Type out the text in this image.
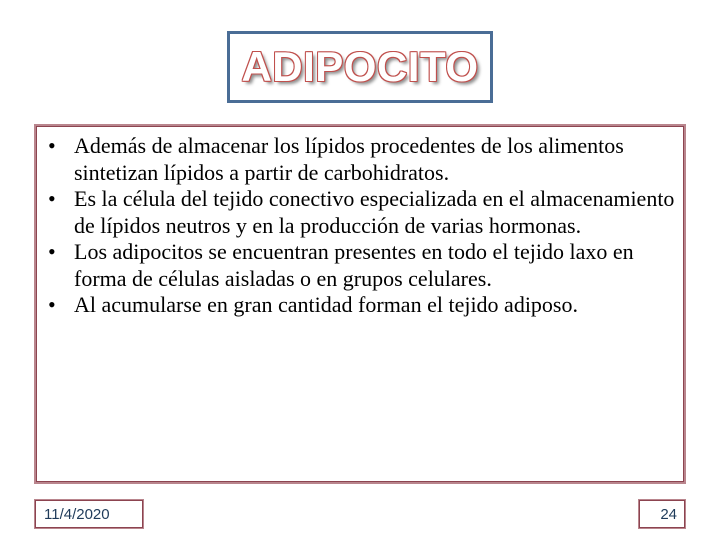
ADIPOCITO
• Además de almacenar los lípidos procedentes de los alimentos sintetizan lípidos a partir de carbohidratos.
• Es la célula del tejido conectivo especializada en el almacenamiento de lípidos neutros y en la producción de varias hormonas.
• Los adipocitos se encuentran presentes en todo el tejido laxo en forma de células aisladas o en grupos celulares.
• Al acumularse en gran cantidad forman el tejido adiposo.
11/4/2020	24
